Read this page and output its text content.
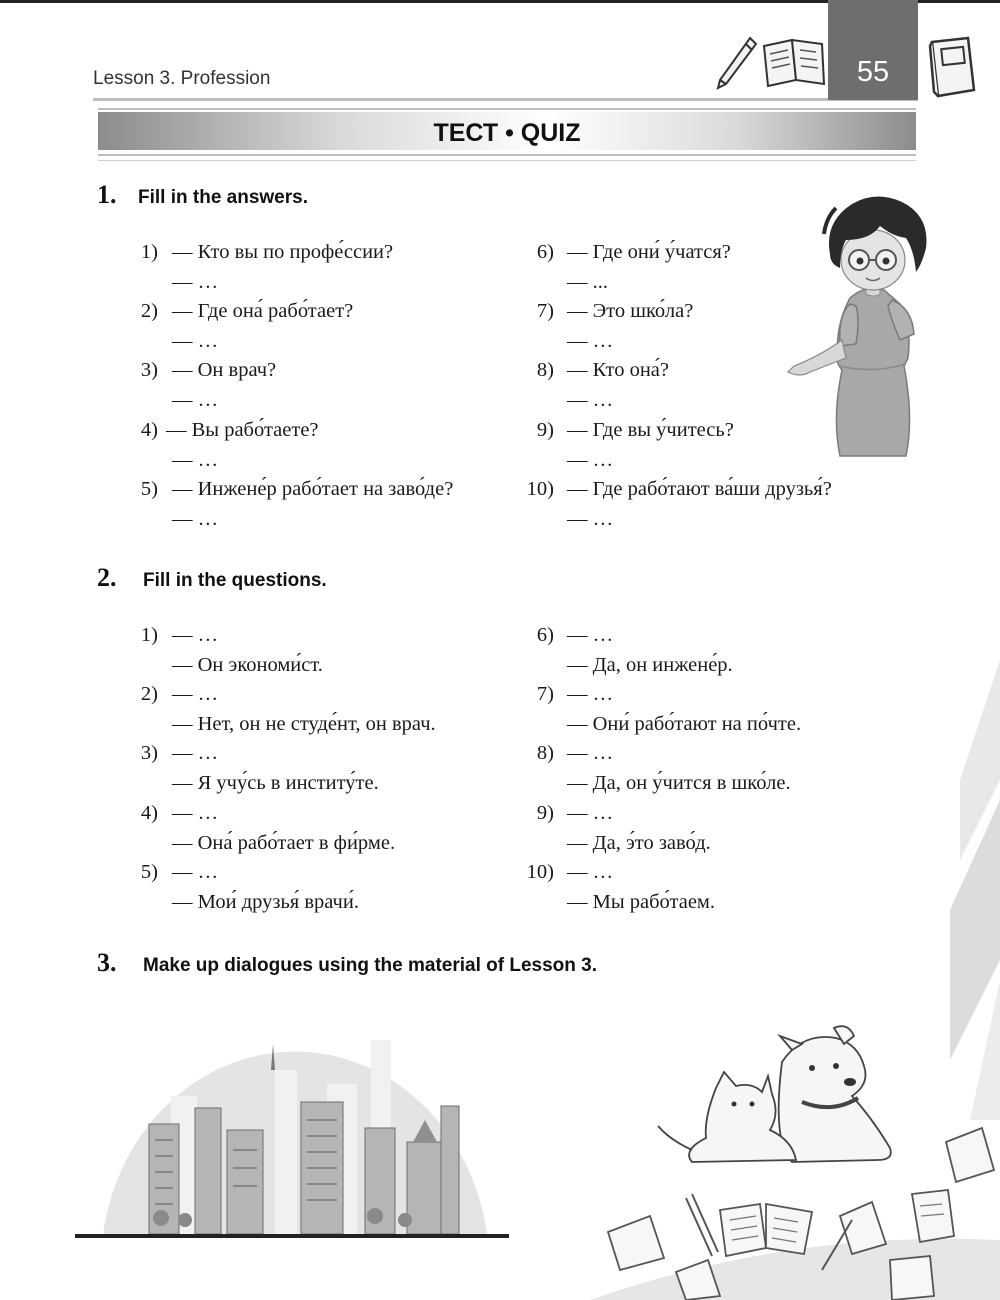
Lesson 3. Profession	55
ТЕСТ • QUIZ
1. Fill in the answers.
1) — Кто вы по профе́ссии?
— …
2) — Где она́ рабо́тает?
— …
3) — Он врач?
— …
4) — Вы рабо́таете?
— …
5) — Инжене́р рабо́тает на заво́де?
— …
6) — Где они́ у́чатся?
— ...
7) — Это шко́ла?
— …
8) — Кто она́?
— …
9) — Где вы у́читесь?
— …
10) — Где рабо́тают ва́ши друзья́?
— …
2. Fill in the questions.
1) — …
— Он экономи́ст.
2) — …
— Нет, он не студе́нт, он врач.
3) — …
— Я учу́сь в институ́те.
4) — …
— Она́ рабо́тает в фи́рме.
5) — …
— Мои́ друзья́ врачи́.
6) — …
— Да, он инжене́р.
7) — …
— Они́ рабо́тают на по́чте.
8) — …
— Да, он у́чится в шко́ле.
9) — …
— Да, э́то заво́д.
10) — …
— Мы рабо́таем.
3. Make up dialogues using the material of Lesson 3.
